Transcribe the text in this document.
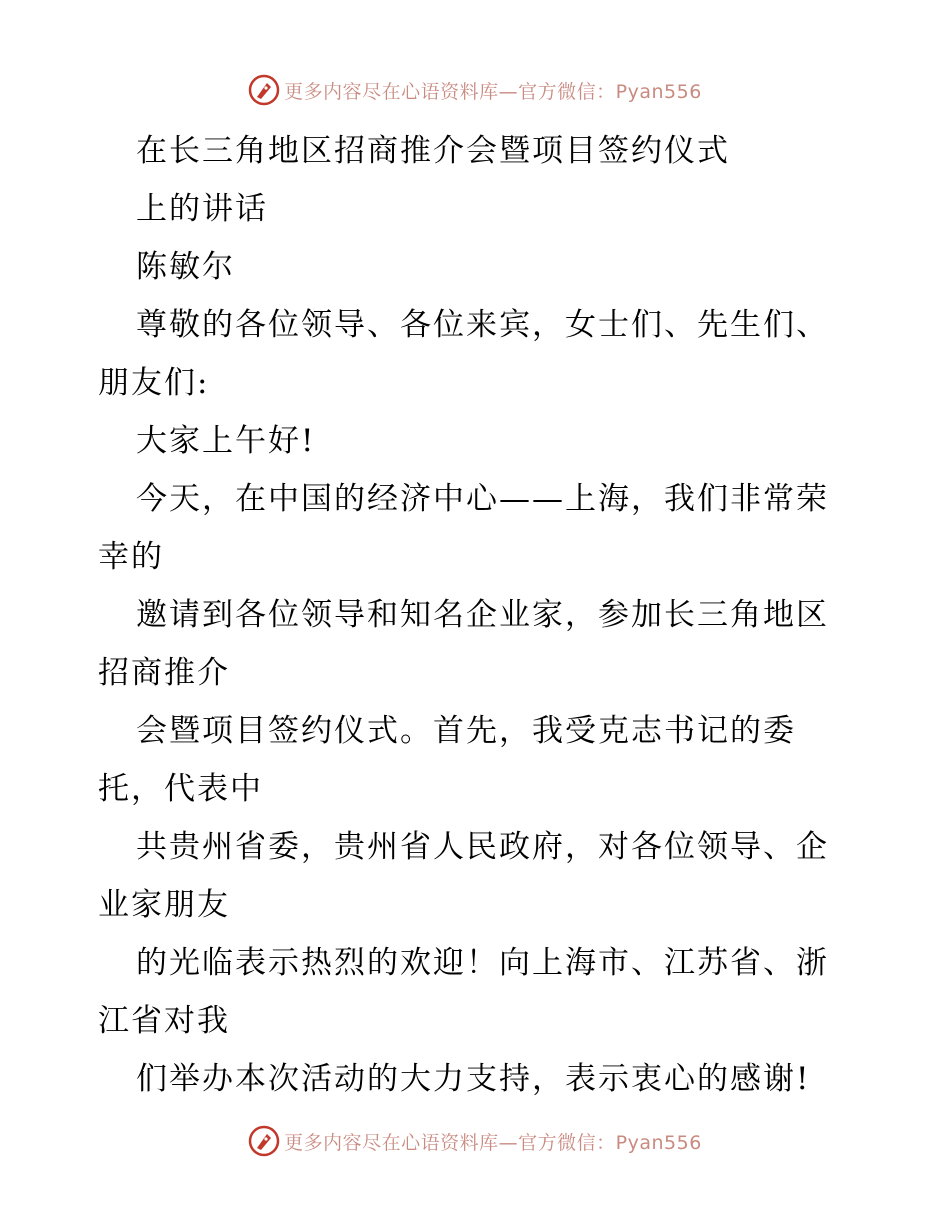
更多内容尽在心语资料库—官方微信：Pyan556
在长三角地区招商推介会暨项目签约仪式
上的讲话
陈敏尔
尊敬的各位领导、各位来宾，女士们、先生们、
朋友们:
大家上午好!
今天，在中国的经济中心——上海，我们非常荣
幸的
邀请到各位领导和知名企业家，参加长三角地区
招商推介
会暨项目签约仪式。首先，我受克志书记的委
托，代表中
共贵州省委，贵州省人民政府，对各位领导、企
业家朋友
的光临表示热烈的欢迎！向上海市、江苏省、浙
江省对我
们举办本次活动的大力支持，表示衷心的感谢!
更多内容尽在心语资料库—官方微信：Pyan556
